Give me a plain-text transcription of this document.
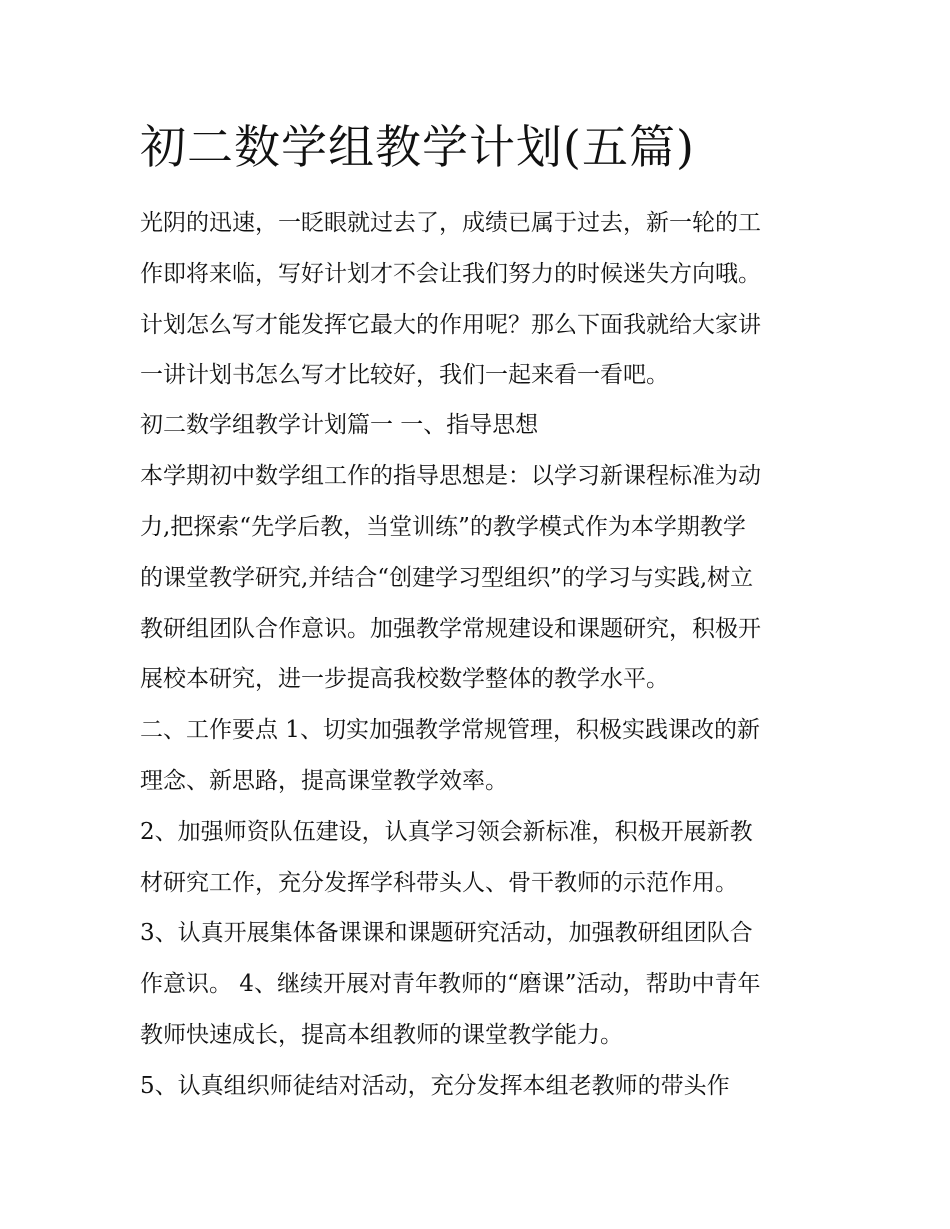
初二数学组教学计划(五篇)

光阴的迅速，一眨眼就过去了，成绩已属于过去，新一轮的工

作即将来临，写好计划才不会让我们努力的时候迷失方向哦。

计划怎么写才能发挥它最大的作用呢？那么下面我就给大家讲

一讲计划书怎么写才比较好，我们一起来看一看吧。

初二数学组教学计划篇一 一、指导思想

本学期初中数学组工作的指导思想是：以学习新课程标准为动

力,把探索“先学后教，当堂训练”的教学模式作为本学期教学

的课堂教学研究,并结合“创建学习型组织”的学习与实践,树立

教研组团队合作意识。加强教学常规建设和课题研究，积极开

展校本研究，进一步提高我校数学整体的教学水平。

二、工作要点 1、切实加强教学常规管理，积极实践课改的新

理念、新思路，提高课堂教学效率。

2、加强师资队伍建设，认真学习领会新标准，积极开展新教

材研究工作，充分发挥学科带头人、骨干教师的示范作用。

3、认真开展集体备课课和课题研究活动，加强教研组团队合

作意识。 4、继续开展对青年教师的“磨课”活动，帮助中青年

教师快速成长，提高本组教师的课堂教学能力。

5、认真组织师徒结对活动，充分发挥本组老教师的带头作
